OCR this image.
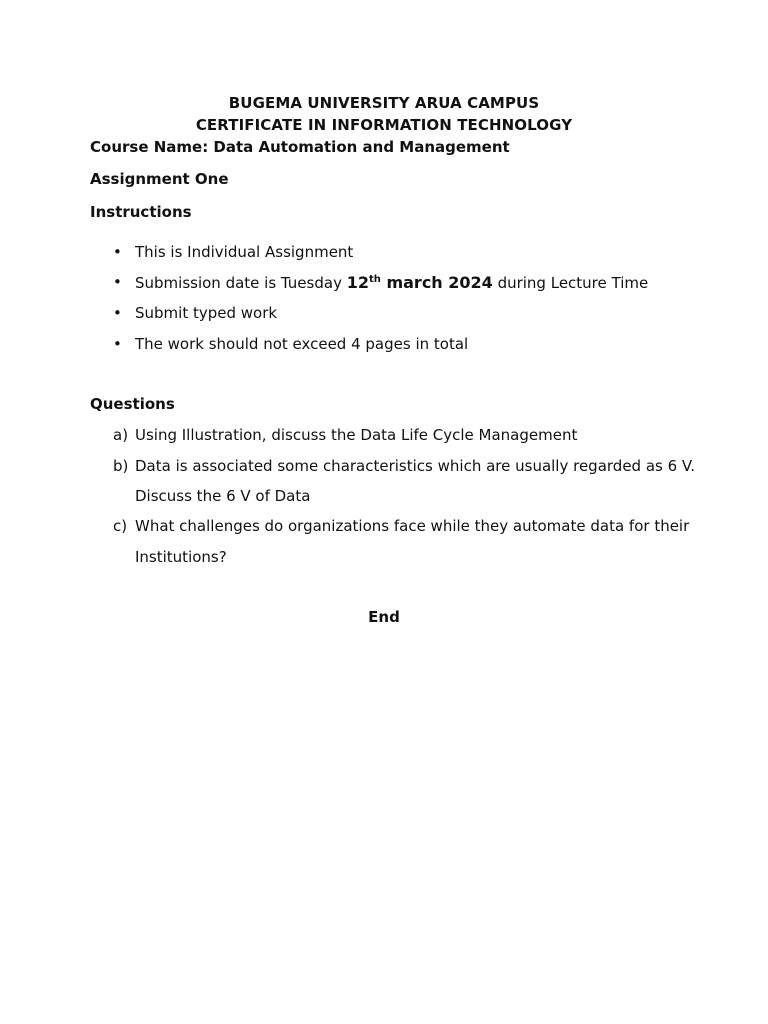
BUGEMA UNIVERSITY ARUA CAMPUS
CERTIFICATE IN INFORMATION TECHNOLOGY
Course Name: Data Automation and Management
Assignment One
Instructions
• This is Individual Assignment
• Submission date is Tuesday 12th march 2024 during Lecture Time
• Submit typed work
• The work should not exceed 4 pages in total
Questions
a) Using Illustration, discuss the Data Life Cycle Management
b) Data is associated some characteristics which are usually regarded as 6 V.
Discuss the 6 V of Data
c) What challenges do organizations face while they automate data for their
Institutions?
End
